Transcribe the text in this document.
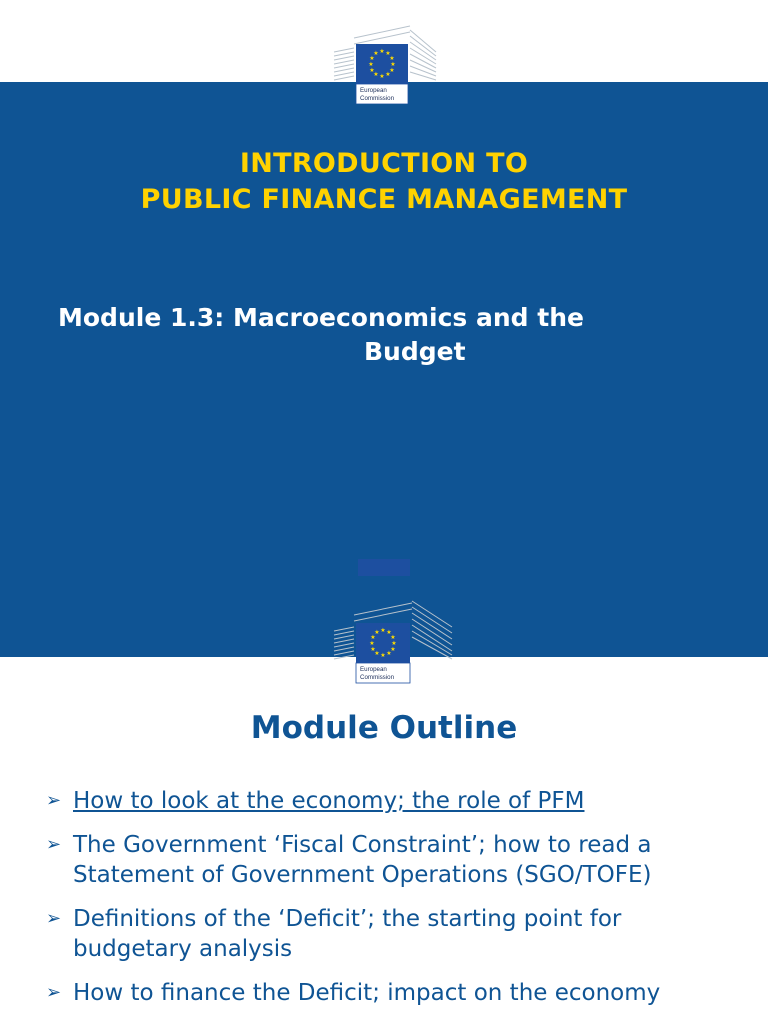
★ ★
★
★
★
★
★
★
★
★
★
★
European
Commission
INTRODUCTION TO
PUBLIC FINANCE MANAGEMENT
Module 1.3: Macroeconomics and the
Budget
★ ★
★
★
★
★
★
★
★
★
★
★
European
Commission
Module Outline
➢ How to look at the economy; the role of PFM
➢ The Government ‘Fiscal Constraint’; how to read a Statement of Government Operations (SGO/TOFE)
➢ Definitions of the ‘Deficit’; the starting point for budgetary analysis
➢ How to finance the Deficit; impact on the economy
